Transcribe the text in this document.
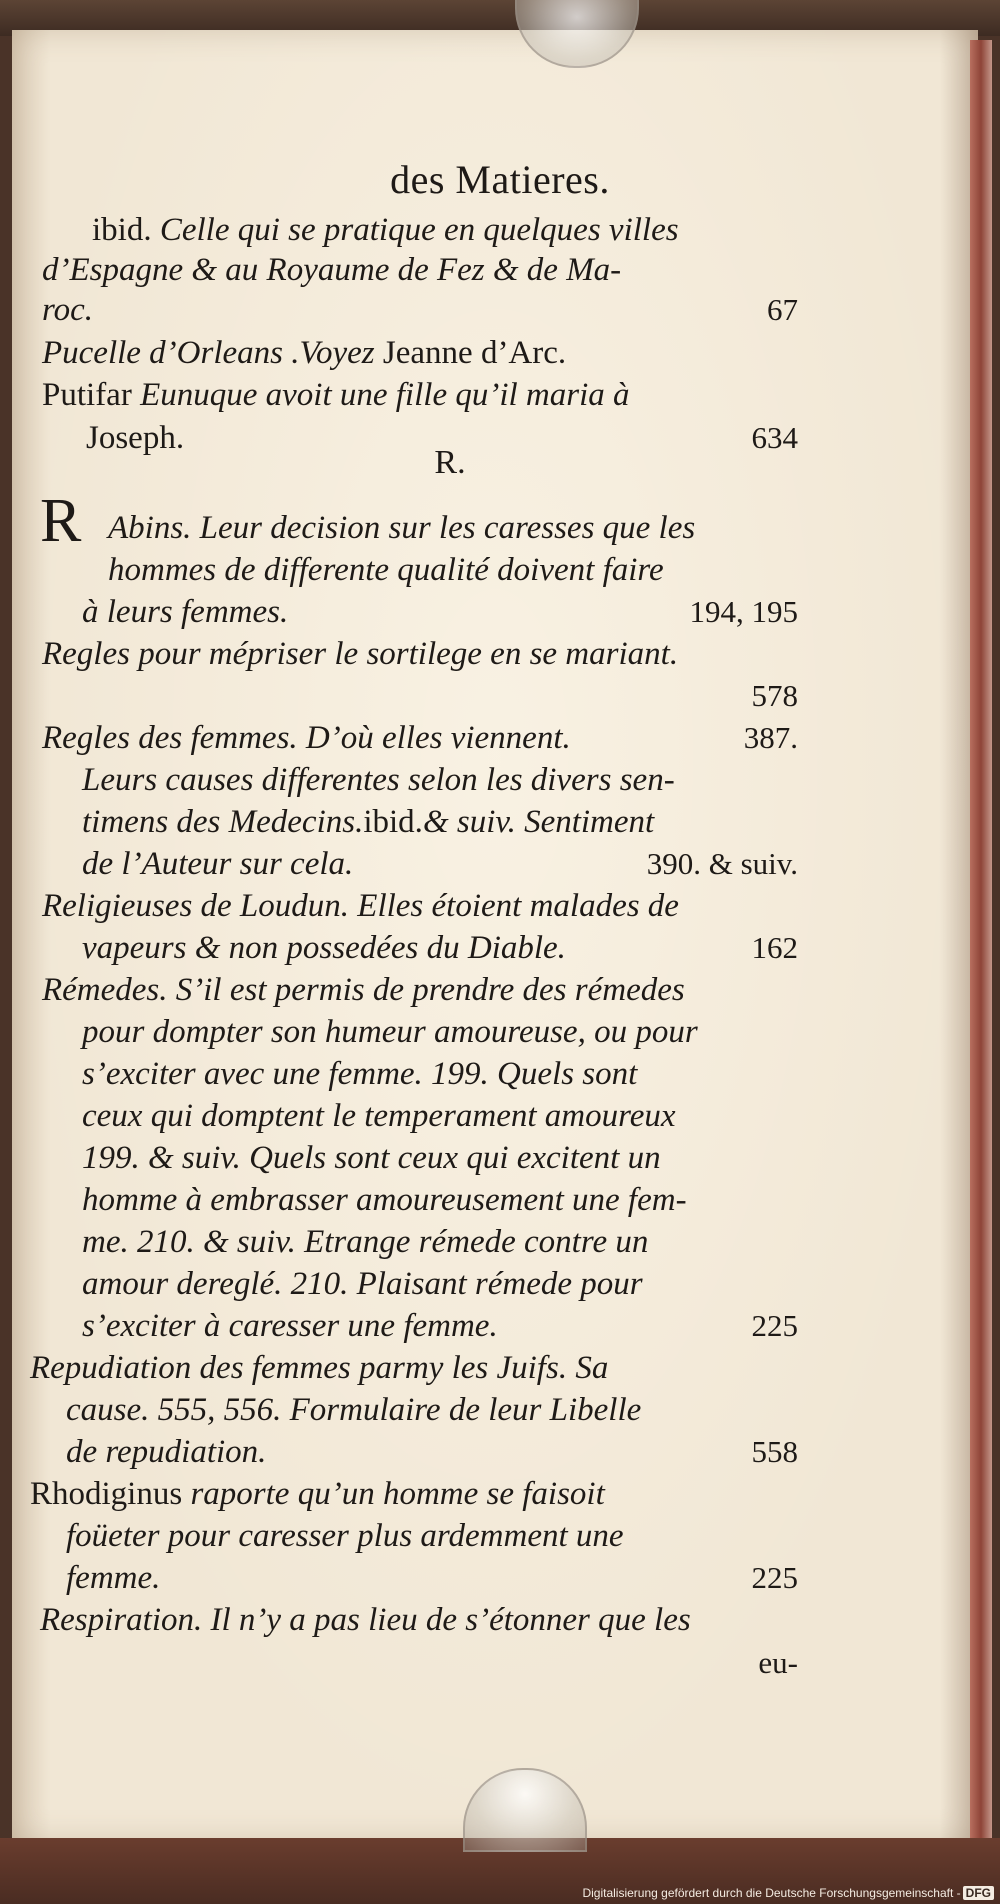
des Matieres.
R.
R
ibid. Celle qui se pratique en quelques villes
d’Espagne & au Royaume de Fez & de Ma-
roc.	67
Pucelle d’Orleans .Voyez Jeanne d’Arc.
Putifar Eunuque avoit une fille qu’il maria à
Joseph.	634
Abins. Leur decision sur les caresses que les
hommes de differente qualité doivent faire
à leurs femmes.	194, 195
Regles pour mépriser le sortilege en se mariant.
578
Regles des femmes. D’où elles viennent.	387.
Leurs causes differentes selon les divers sen-
timens des Medecins.ibid.& suiv. Sentiment
de l’Auteur sur cela.	390. & suiv.
Religieuses de Loudun. Elles étoient malades de
vapeurs & non possedées du Diable.	162
Rémedes. S’il est permis de prendre des rémedes
pour dompter son humeur amoureuse, ou pour
s’exciter avec une femme. 199. Quels sont
ceux qui domptent le temperament amoureux
199. & suiv. Quels sont ceux qui excitent un
homme à embrasser amoureusement une fem-
me. 210. & suiv. Etrange rémede contre un
amour dereglé. 210. Plaisant rémede pour
s’exciter à caresser une femme.	225
Repudiation des femmes parmy les Juifs. Sa
cause. 555, 556. Formulaire de leur Libelle
de repudiation.	558
Rhodiginus raporte qu’un homme se faisoit
foüeter pour caresser plus ardemment une
femme.	225
Respiration. Il n’y a pas lieu de s’étonner que les
eu-
Digitalisierung gefördert durch die Deutsche Forschungsgemeinschaft - DFG
